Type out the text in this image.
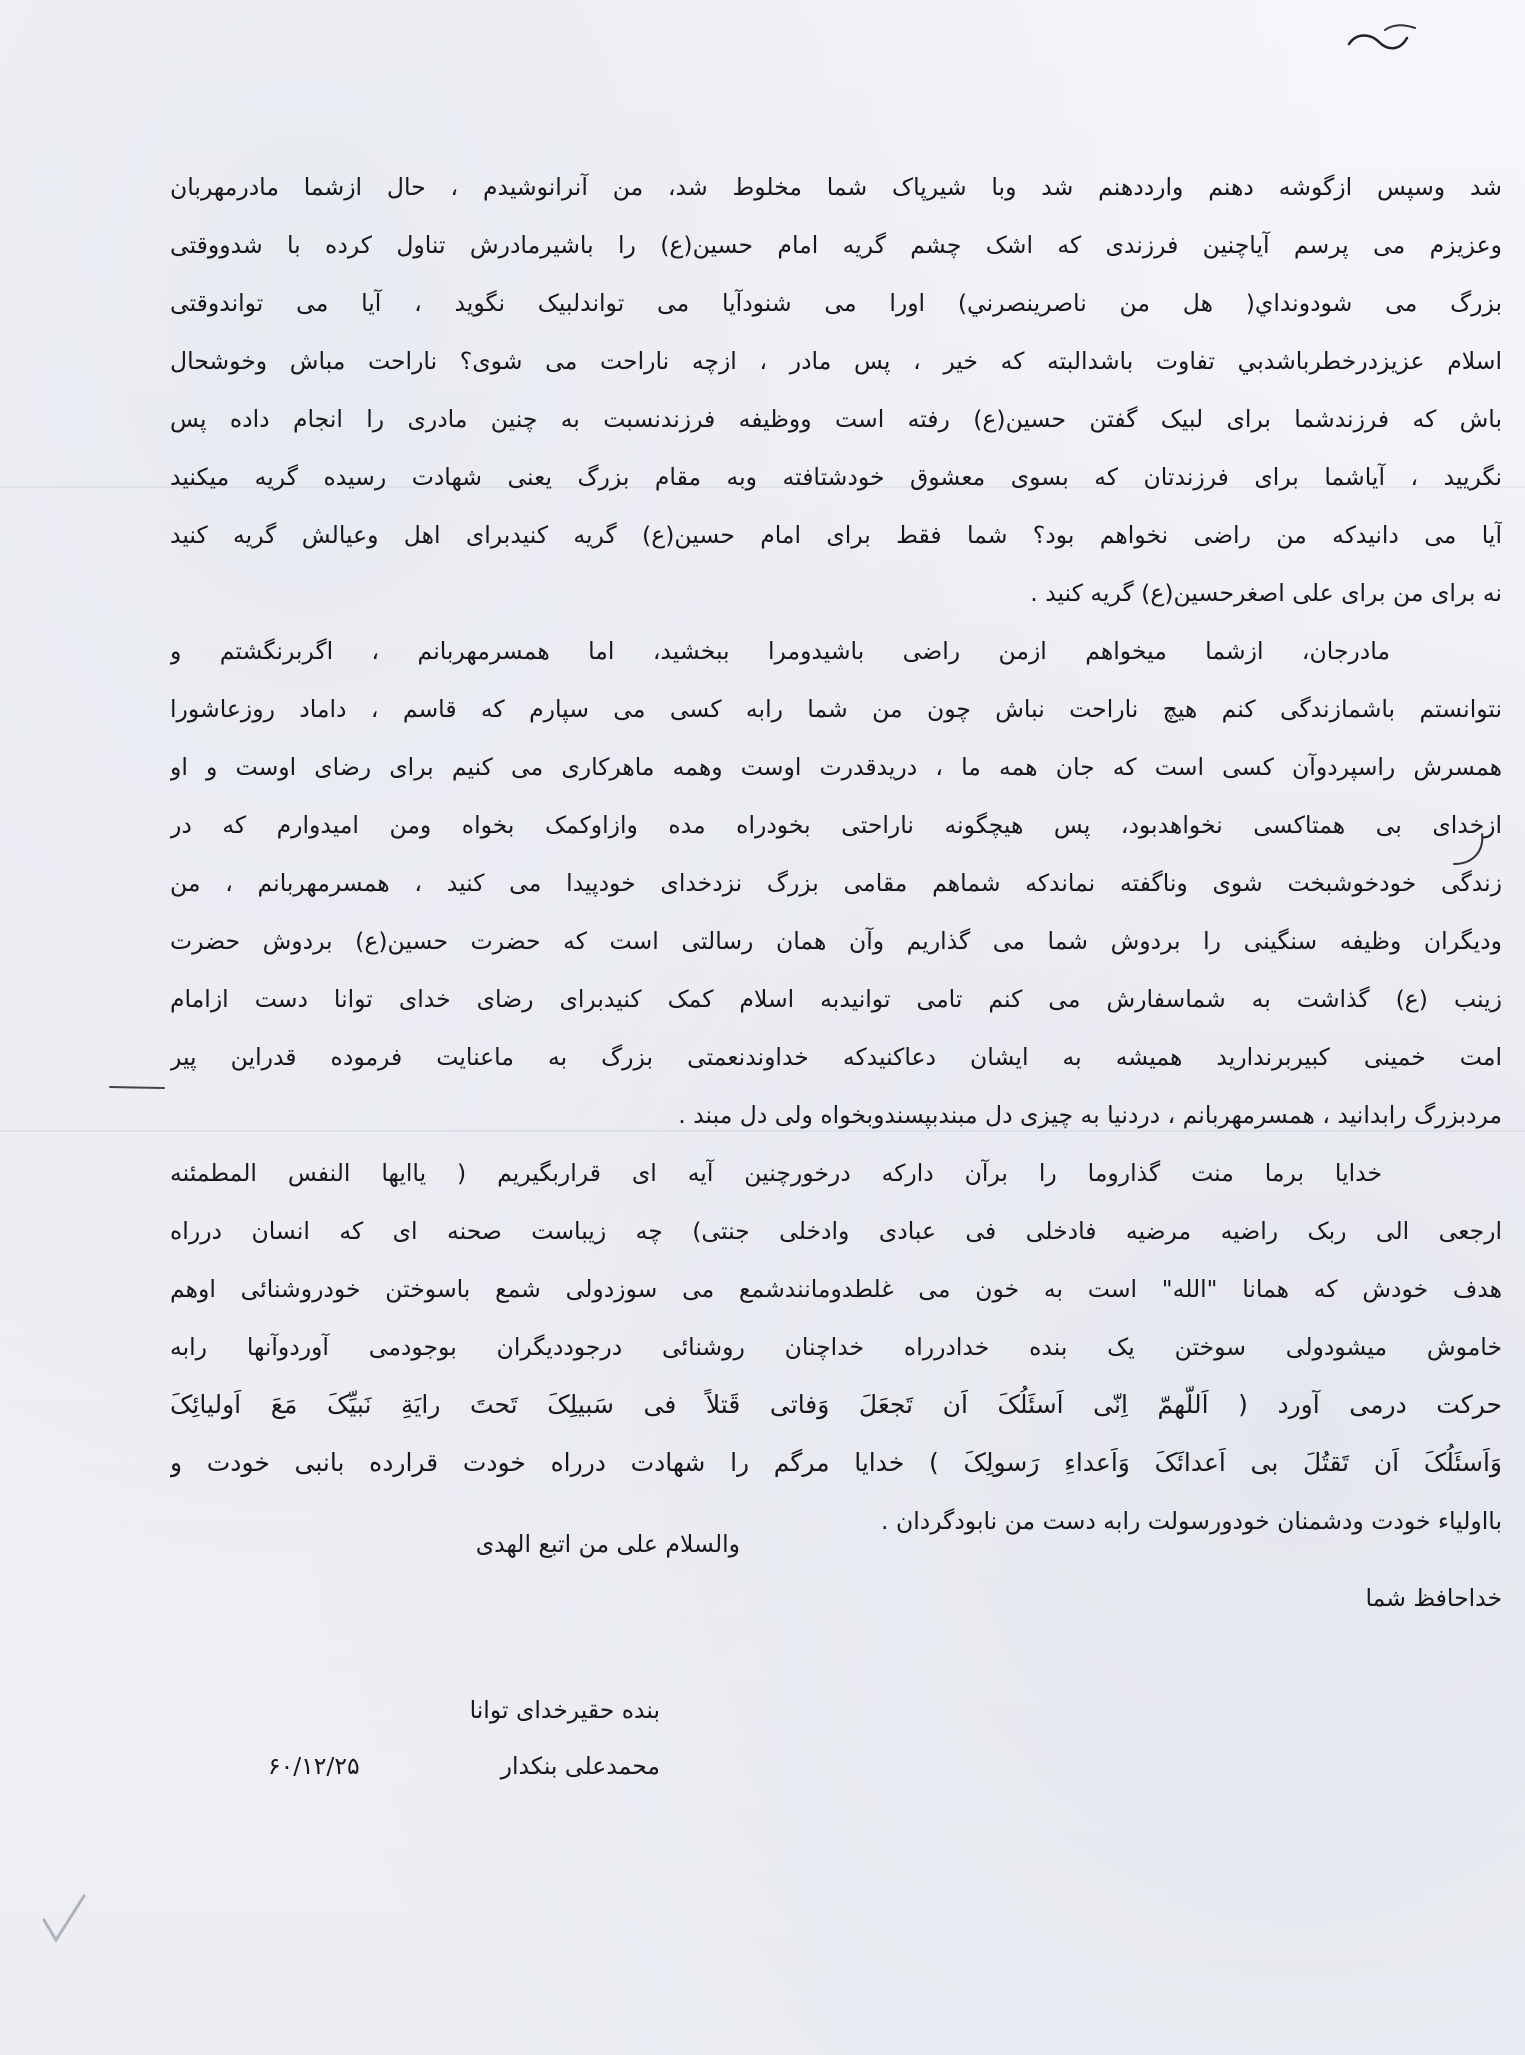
شد وسپس ازگوشه دهنم وارددهنم شد وبا شیرپاک شما مخلوط شد، من آنرانوشیدم ، حال ازشما مادرمهربان
وعزیزم می پرسم آیاچنین فرزندی که اشک چشم گریه امام حسین(ع) را باشیرمادرش تناول کرده با شدووقتی
بزرگ می شودونداي( هل من ناصرینصرني) اورا می شنودآیا می تواندلبیک نگوید ، آیا می تواندوقتی
اسلام عزیزدرخطرباشدبي تفاوت باشدالبته که خیر ، پس مادر ، ازچه ناراحت می شوی؟ ناراحت مباش وخوشحال
باش که فرزندشما برای لبیک گفتن حسین(ع) رفته است ووظیفه فرزندنسبت به چنین مادری را انجام داده پس
نگریید ، آیاشما برای فرزندتان که بسوی معشوق خودشتافته وبه مقام بزرگ یعنی شهادت رسیده گریه میکنید
آیا می دانیدکه من راضی نخواهم بود؟ شما فقط برای امام حسین(ع) گریه کنیدبرای اهل وعیالش گریه کنید
نه برای من برای علی اصغرحسین(ع) گریه کنید .
مادرجان، ازشما میخواهم ازمن راضی باشیدومرا ببخشید، اما همسرمهربانم ، اگربرنگشتم و
نتوانستم باشمازندگی کنم هیچ ناراحت نباش چون من شما رابه کسی می سپارم که قاسم ، داماد روزعاشورا
همسرش راسپردوآن کسی است که جان همه ما ، دریدقدرت اوست وهمه ماهرکاری می کنیم برای رضای اوست و او
ازخدای بی همتاکسی نخواهدبود، پس هیچگونه ناراحتی بخودراه مده وازاوکمک بخواه ومن امیدوارم که در
زندگی خودخوشبخت شوی وناگفته نماندکه شماهم مقامی بزرگ نزدخدای خودپیدا می کنید ، همسرمهربانم ، من
ودیگران وظیفه سنگینی را بردوش شما می گذاریم وآن همان رسالتی است که حضرت حسین(ع) بردوش حضرت
زینب (ع) گذاشت به شماسفارش می کنم تامی توانیدبه اسلام کمک کنیدبرای رضای خدای توانا دست ازامام
امت خمینی کبیربرندارید همیشه به ایشان دعاکنیدکه خداوندنعمتی بزرگ به ماعنایت فرموده قدراین پیر
مردبزرگ رابدانید ، همسرمهربانم ، دردنیا به چیزی دل مبندبپسندوبخواه ولی دل مبند .
خدایا برما منت گذاروما را برآن دارکه درخورچنین آیه ای قراربگیریم ( یاایها النفس المطمئنه
ارجعی الی ربک راضیه مرضیه فادخلی فی عبادی وادخلی جنتی) چه زیباست صحنه ای که انسان درراه
هدف خودش که همانا "الله" است به خون می غلطدومانندشمع می سوزدولی شمع باسوختن خودروشنائی اوهم
خاموش میشودولی سوختن یک بنده خدادرراه خداچنان روشنائی درجوددیگران بوجودمی آوردوآنها رابه
حرکت درمی آورد ( اَللّهمّ اِنّی اَسئَلُکَ اَن تَجعَلَ وَفاتی قَتلاً فی سَبیلِکَ تَحتَ رایَةِ نَبیِّکَ مَعَ اَولیائِکَ
وَاَسئَلُکَ اَن تَقتُلَ بی اَعدائَکَ وَاَعداءِ رَسولِکَ ) خدایا مرگم را شهادت درراه خودت قرارده بانبی خودت و
بااولیاء خودت ودشمنان خودورسولت رابه دست من نابودگردان .
والسلام علی من اتبع الهدی
خداحافظ شما
بنده حقیرخدای توانا
محمدعلی بنکدار
۶۰/۱۲/۲۵
